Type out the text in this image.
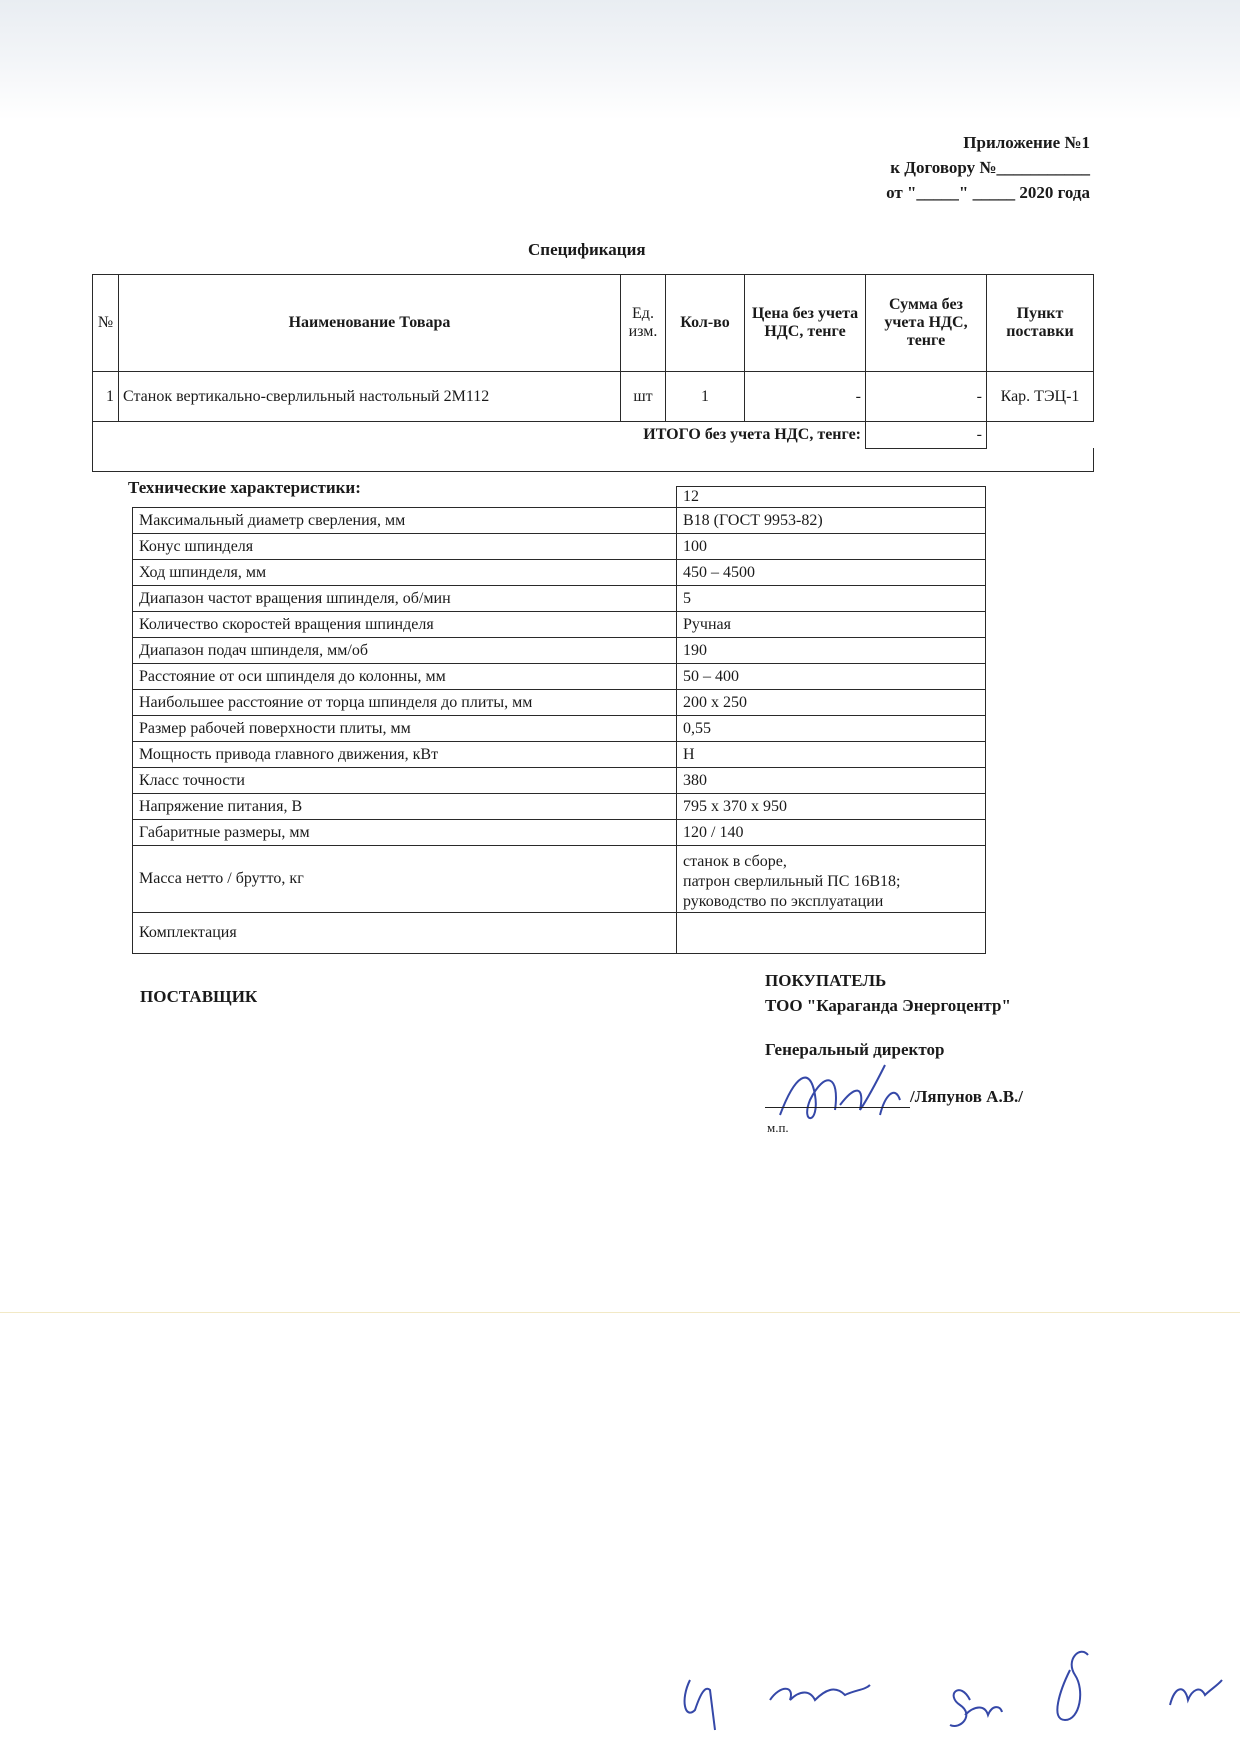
Приложение №1
к Договору №___________
от "_____" _____ 2020 года
Спецификация
№	Наименование Товара	Ед. изм.	Кол-во	Цена без учета НДС, тенге	Сумма без учета НДС, тенге	Пункт поставки
1	Станок вертикально-сверлильный настольный 2М112	шт	1	-	-	Кар. ТЭЦ-1
ИТОГО без учета НДС, тенге:					-	

Технические характеристики:
		12
Максимальный диаметр сверления, мм	В18 (ГОСТ 9953-82)
Конус шпинделя	100
Ход шпинделя, мм	450 – 4500
Диапазон частот вращения шпинделя, об/мин	5
Количество скоростей вращения шпинделя	Ручная
Диапазон подач шпинделя, мм/об	190
Расстояние от оси шпинделя до колонны, мм	50 – 400
Наибольшее расстояние от торца шпинделя до плиты, мм	200 х 250
Размер рабочей поверхности плиты, мм	0,55
Мощность привода главного движения, кВт	Н
Класс точности	380
Напряжение питания, В	795 х 370 х 950
Габаритные размеры, мм	120 / 140
Масса нетто / брутто, кг	станок в сборе,
патрон сверлильный ПС 16В18;
руководство по эксплуатации

Комплектация	
ПОСТАВЩИК
ПОКУПАТЕЛЬ
ТОО "Караганда Энергоцентр"
Генеральный директор
/Ляпунов А.В./
м.п.
